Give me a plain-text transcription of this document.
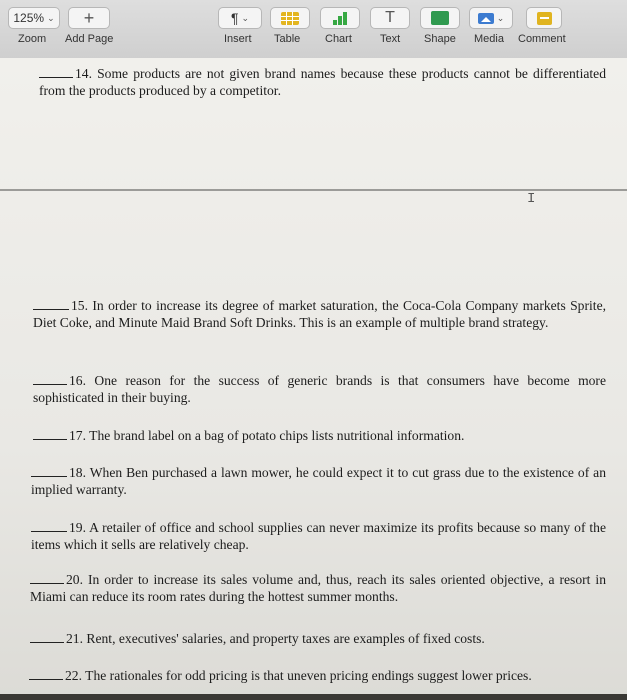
125% ⌄
Zoom
+
Add Page
¶ ⌄
Insert Table Chart
T
Text Shape
⌄
Media Comment
14. Some products are not given brand names because these products cannot be differentiated from the products produced by a competitor.
I
15. In order to increase its degree of market saturation, the Coca-Cola Company markets Sprite, Diet Coke, and Minute Maid Brand Soft Drinks. This is an example of multiple brand strategy.
16. One reason for the success of generic brands is that consumers have become more sophisticated in their buying.
17. The brand label on a bag of potato chips lists nutritional information.
18. When Ben purchased a lawn mower, he could expect it to cut grass due to the existence of an implied warranty.
19. A retailer of office and school supplies can never maximize its profits because so many of the items which it sells are relatively cheap.
20. In order to increase its sales volume and, thus, reach its sales oriented objective, a resort in Miami can reduce its room rates during the hottest summer months.
21. Rent, executives' salaries, and property taxes are examples of fixed costs.
22. The rationales for odd pricing is that uneven pricing endings suggest lower prices.
